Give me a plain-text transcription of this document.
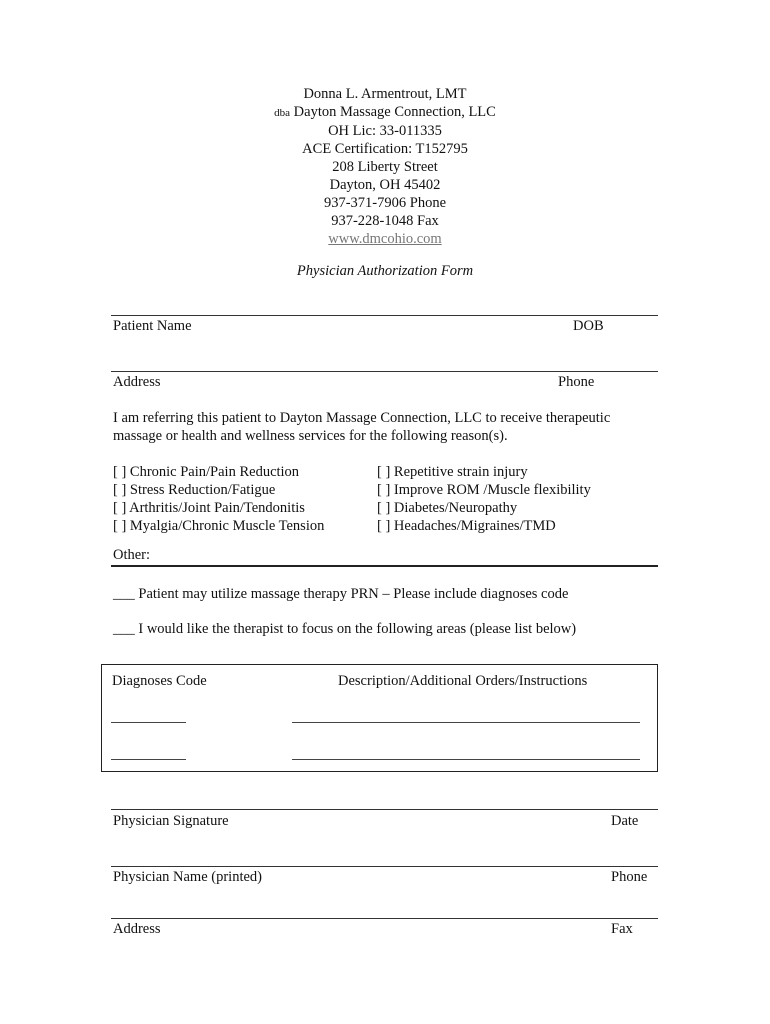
Donna L. Armentrout, LMT
dba Dayton Massage Connection, LLC
OH Lic: 33-011335
ACE Certification: T152795
208 Liberty Street
Dayton, OH 45402
937-371-7906 Phone
937-228-1048 Fax
www.dmcohio.com
Physician Authorization Form
Patient Name	DOB
Address	Phone
I am referring this patient to Dayton Massage Connection, LLC to receive therapeutic
massage or health and wellness services for the following reason(s).
[ ] Chronic Pain/Pain Reduction
[ ] Stress Reduction/Fatigue
[ ] Arthritis/Joint Pain/Tendonitis
[ ] Myalgia/Chronic Muscle Tension
[ ] Repetitive strain injury
[ ] Improve ROM /Muscle flexibility
[ ] Diabetes/Neuropathy
[ ] Headaches/Migraines/TMD
Other:
___ Patient may utilize massage therapy PRN – Please include diagnoses code
___ I would like the therapist to focus on the following areas (please list below)
Diagnoses Code	Description/Additional Orders/Instructions
Physician Signature	Date
Physician Name (printed)	Phone
Address	Fax
